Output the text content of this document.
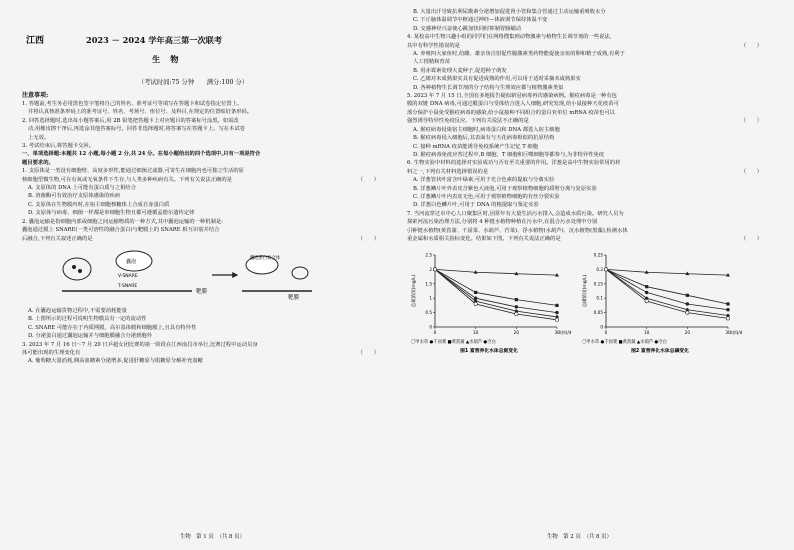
江西	2023 － 2024 学年高三第一次联考
生物
（考试时间:75 分钟　　满分:100 分）
注意事项:
1. 答题前,考生务必用黑色签字笔将自己的姓名、准考证号等填写在答题卡和试卷指定位置上。
并将认真核准条形码上的准考证号、姓名、考场号、座位号、及科目,在规定的位置贴好条形码。
2. 回答选择题时,选出每小题答案后,用 2B 铅笔把答题卡上对应题目的答案标号涂黑。如需改
动,用橡皮擦干净后,再选涂其他答案标号。回答非选择题时,将答案写在答题卡上。写在本试卷
上无效。
3. 考试结束后,将答题卡交回。
一、单项选择题:本题共 12 小题,每小题 2 分,共 24 分。在每小题给出的四个选项中,只有一项是符合
题目要求的。
1. 支原体是一类没有细胞壁、高度多形性,能通过细菌过滤器,可寄生在细胞内也可独立生活的原
核细胞型微生物,可在有氧或无氧条件下生存,与人类多种疾病有关。下列有关说法正确的是	（　　）
A. 支原体的 DNA 上可能有蛋白质与之相结合
B. 溶菌酶可有效治疗支原体感染的疾病
C. 支原体在生物膜内时,在宿主细胞核糖体上合成自身蛋白质
D. 支原体与病毒、细菌一样都是单细胞生物且都可遵循孟德尔遗传定律
2. 囊泡运输是指细胞内部或细胞之间运输物质的一种方式,其中囊泡运输的一种机制是:
囊泡通过膜上 SNARE(一类可溶性的融合蛋白)与靶膜上的 SNARE 相互识别并结合
后融合,下列有关叙述正确的是	（　　）
囊泡
V-SNARE
T-SNARE
靶膜
囊泡蛋白复合体
靶膜
A. 在囊泡运输货物过程中,不需要消耗能量
B. 上图所示的过程可说明生物膜具有一定的流动性
C. SNARE 可能存在于内质网膜、高尔基体膜和细胞膜上,且具有特异性
D. 分泌蛋白通过囊泡运输并与细胞膜融合分泌到胞外
3. 2023 年 7 月 16 日～7 月 20 日乒超女团比赛的第一阶段在江西南昌市举行,比赛过程中运动员身
体可能出现的生理变化有	（　　）
A. 葡萄糖大量消耗,胰高血糖素分泌增多,促进肝糖原与肌糖原分解补充血糖
生物　第 1 页　（共 8 页）
B. 大量出汗导致抗利尿激素分泌增加促进肾小管和集合管通过主动运输重吸收水分
C. 下丘脑体温调节中枢通过神经—体液调节保持体温不变
D. 交感神经兴奋使心跳加快同时抑制胃肠蠕动
4. 某校高中生物兴趣小组的同学们在网络搜集到动物激素与植物生长调节剂的一些说法,
其中有科学性错误的是	（　　）
A. 养殖四大家鱼时,给雌、雄亲鱼注射促性腺激素类药物能促使亲鱼的卵和精子成熟,有利于
人工授精和育苗
B. 用赤霉素处理大麦种子,促进种子萌发
C. 乙烯对未成熟果实具有促进成熟的作用,可以用于适时采摘未成熟果实
D. 各种植物生长调节剂的分子结构与生理效应都与植物激素类似
5. 2023 年 7 月 15 日,全国有多地报告疑似新冠病毒再次感染病例。猴痘病毒是一种有包
膜的双链 DNA 病毒,可通过膜蛋白与受体结合进入人细胞,研究发现,给小鼠接种天花疫苗可
部分保护小鼠免受猴痘病毒的感染,给小鼠接种不同组合的蛋白亚单位 mRNA 疫苗也可以
强烈诱导特异性免疫反应。下列有关说法不正确的是	（　　）
A. 猴痘病毒侵染宿主细胞时,病毒蛋白和 DNA 都进入宿主细胞
B. 猴痘病毒侵入细胞后,其表面有与天花病毒相似的抗原结构
C. 接种 mRNA 疫苗能诱导免疫系统产生记忆 T 细胞
D. 猴痘病毒免疫应答过程中,B 细胞、T 细胞和巨噬细胞等都参与,为非特异性免疫
6. 生物实验中材料的选择对实验成功与否有至关重要的作用。洋葱是高中生物实验常用的材
料之一,下列有关材料选择错误的是	（　　）
A. 洋葱管状叶富含叶绿素,可用于光合色素的提取与分离实验
B. 洋葱鳞片叶外表皮含紫色大液泡,可用于观察植物细胞的质壁分离与复原实验
C. 洋葱鳞片叶内表皮无色,可用于观察植物细胞的有丝分裂实验
D. 洋葱白色鳞片叶,可用于 DNA 的粗提取与鉴定实验
7. 当河流穿过市中心人口聚集区时,因常年有大量生活污水排入,会造成水质污染。研究人员为
探索河流污染治理方法,分别将 4 种挺水植物种植在污水中,在混合污水处理中分别
引种挺水植物(黄菖蒲、千屈菜、水葫芦、荇菜)、浮水植物(水葫芦)、沉水植物(黑藻),检测水体
重金属和水质相关指标变化。结果如下图。下列有关说法正确的是	（　　）
0
0.5
1
1.5
2
2.5
0	10	20	30 时间/d
总氮浓度(mg/L)
〇甲水草 ●千屈菜 ■黄菖蒲 ▲水葫芦 ●空白
图1 富营养化水体总氮变化
0
0.05
0.1
0.15
0.2
0.25
0	10	20	30 时间/d
总磷浓度(mg/L)
〇甲水草 ●千屈菜 ■黄菖蒲 ▲水葫芦 ●空白
图2 富营养化水体总磷变化
生物　第 2 页　（共 8 页）
